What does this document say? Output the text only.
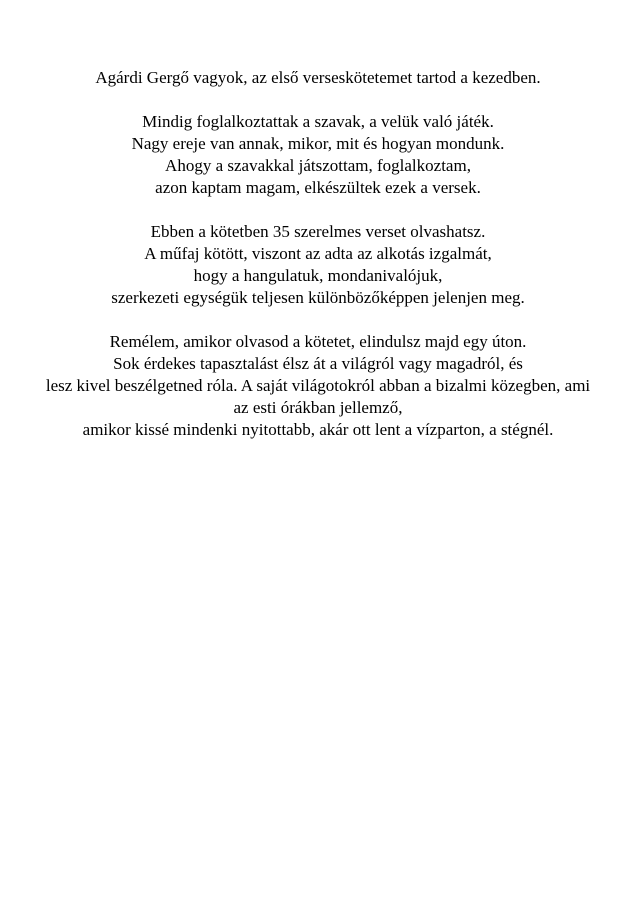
Agárdi Gergő vagyok, az első verseskötetemet tartod a kezedben.
Mindig foglalkoztattak a szavak, a velük való játék.
Nagy ereje van annak, mikor, mit és hogyan mondunk.
Ahogy a szavakkal játszottam, foglalkoztam,
azon kaptam magam, elkészültek ezek a versek.
Ebben a kötetben 35 szerelmes verset olvashatsz.
A műfaj kötött, viszont az adta az alkotás izgalmát,
hogy a hangulatuk, mondanivalójuk,
szerkezeti egységük teljesen különbözőképpen jelenjen meg.
Remélem, amikor olvasod a kötetet, elindulsz majd egy úton.
Sok érdekes tapasztalást élsz át a világról vagy magadról, és
lesz kivel beszélgetned róla. A saját világotokról abban a bizalmi közegben, ami
az esti órákban jellemző,
amikor kissé mindenki nyitottabb, akár ott lent a vízparton, a stégnél.
